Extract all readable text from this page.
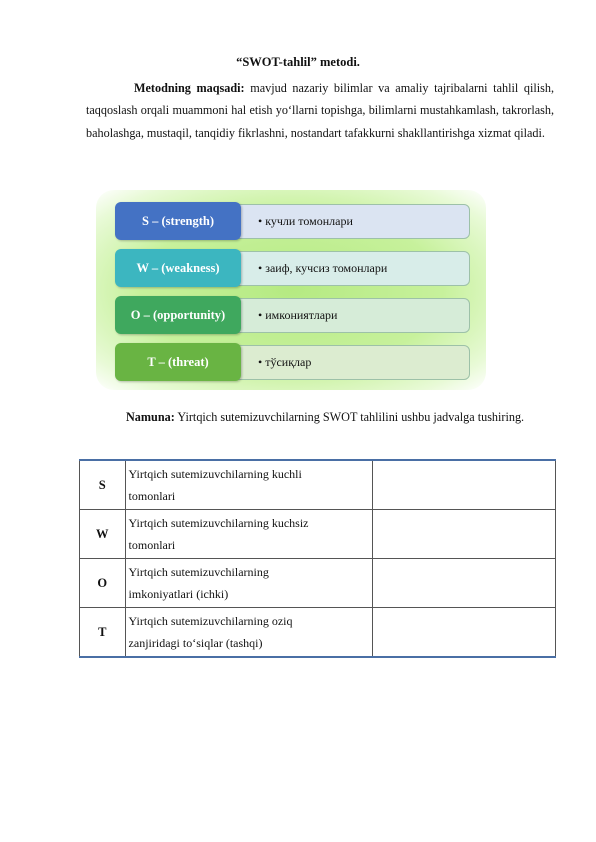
“SWOT-tahlil” metodi.
Metodning maqsadi: mavjud nazariy bilimlar va amaliy tajribalarni tahlil qilish, taqqoslash orqali muammoni hal etish yo‘llarni topishga, bilimlarni mustahkamlash, takrorlash, baholashga, mustaqil, tanqidiy fikrlashni, nostandart tafakkurni shakllantirishga xizmat qiladi.
S – (strength)	• кучли томонлари
W – (weakness)	• заиф, кучсиз томонлари
O – (opportunity)	• имкониятлари
T – (threat)	• тўсиқлар
Namuna: Yirtqich sutemizuvchilarning SWOT tahlilini ushbu jadvalga tushiring.
S	Yirtqich sutemizuvchilarning kuchli
tomonlari	
W	Yirtqich sutemizuvchilarning kuchsiz
tomonlari	
O	Yirtqich sutemizuvchilarning
imkoniyatlari (ichki)	
T	Yirtqich sutemizuvchilarning oziq
zanjiridagi to‘siqlar (tashqi)	
